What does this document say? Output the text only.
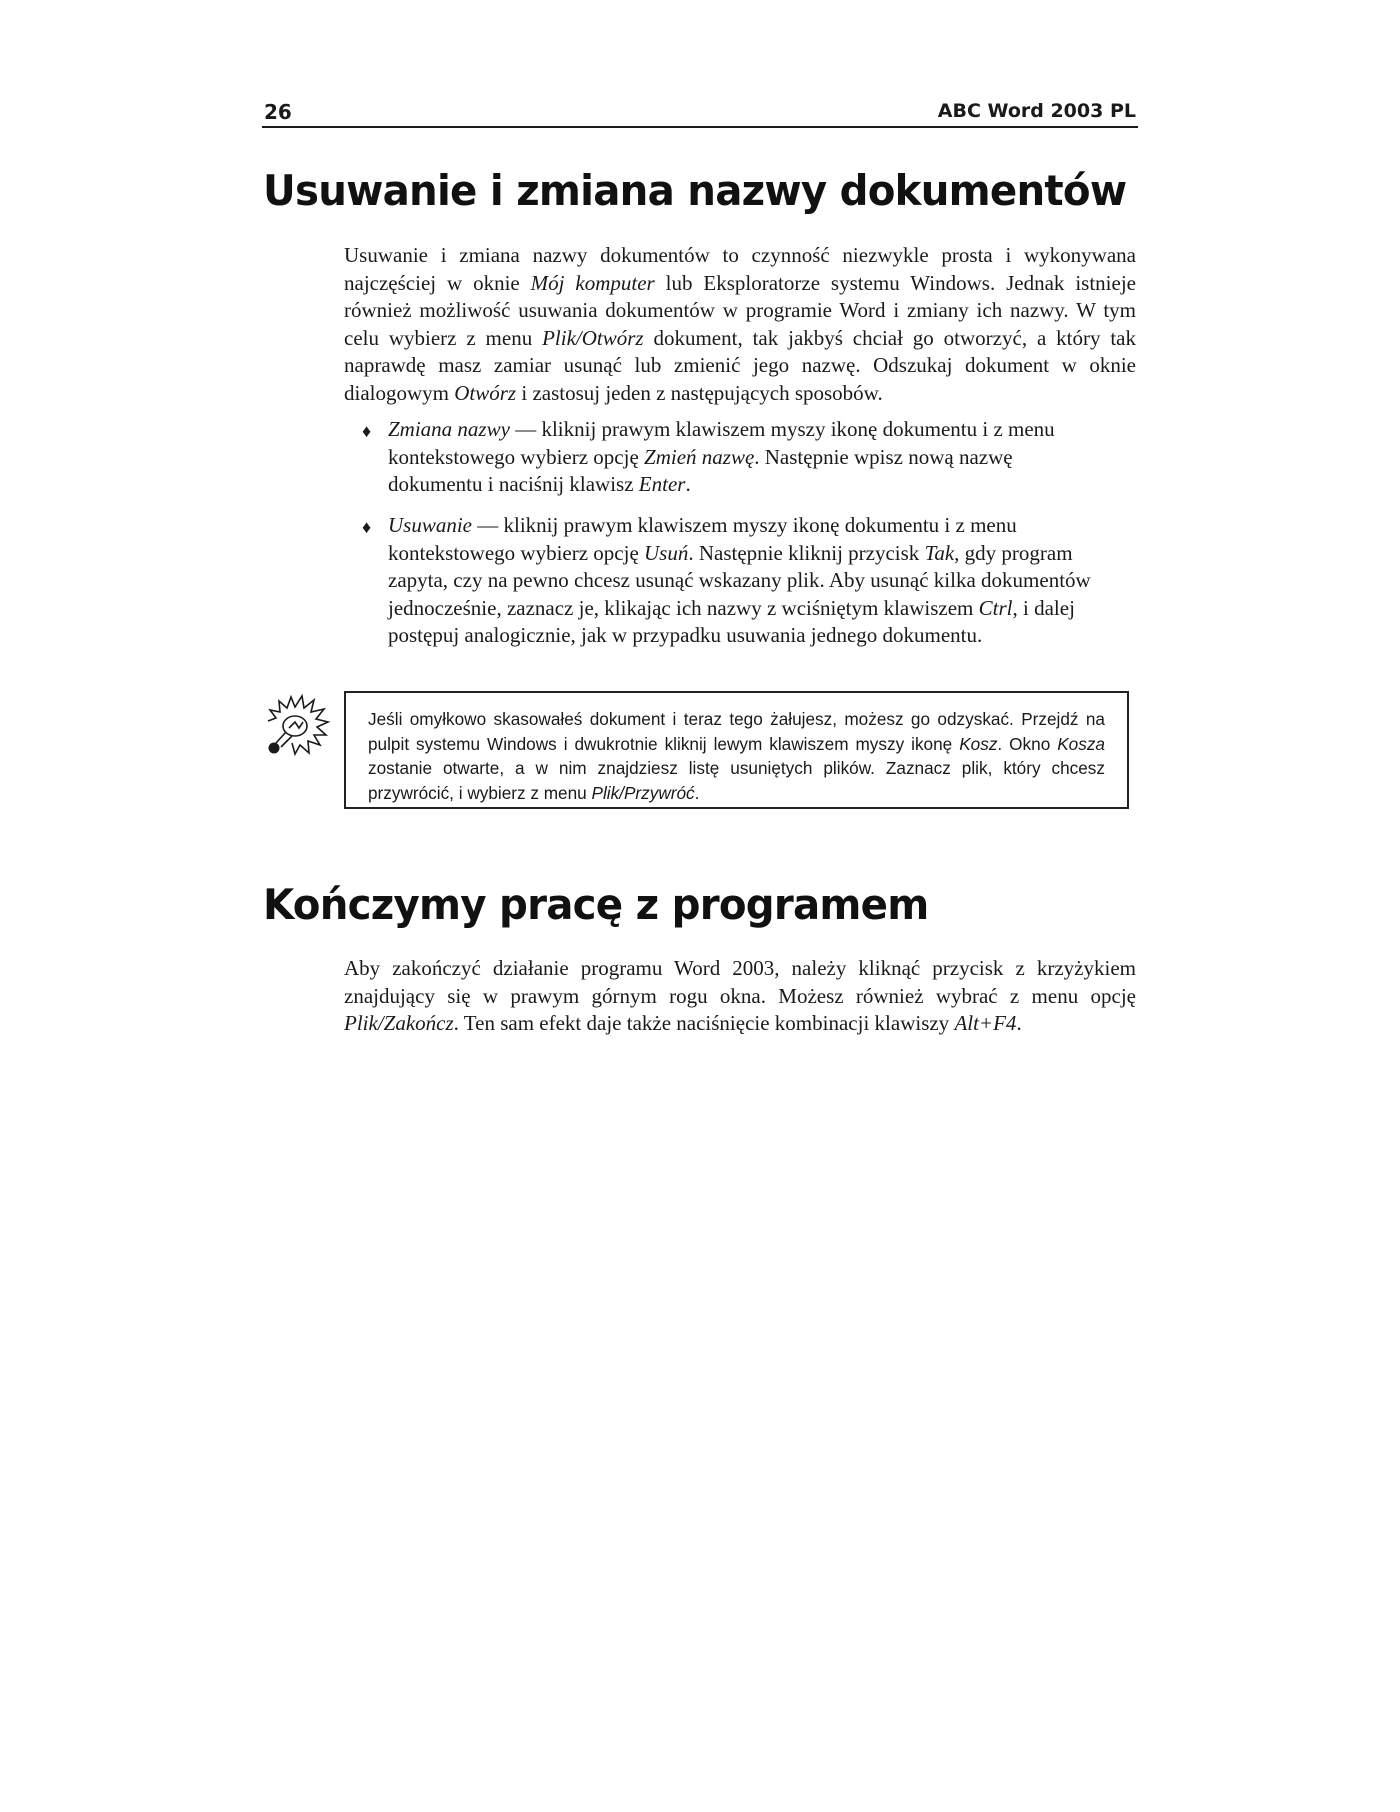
26	ABC Word 2003 PL
Usuwanie i zmiana nazwy dokumentów

Usuwanie i zmiana nazwy dokumentów to czynność niezwykle prosta i wykonywana najczęściej w oknie Mój komputer lub Eksploratorze systemu Windows. Jednak istnieje również możliwość usuwania dokumentów w programie Word i zmiany ich nazwy. W tym celu wybierz z menu Plik/Otwórz dokument, tak jakbyś chciał go otworzyć, a który tak naprawdę masz zamiar usunąć lub zmienić jego nazwę. Odszukaj dokument w oknie dialogowym Otwórz i zastosuj jeden z następujących sposobów.

♦ Zmiana nazwy — kliknij prawym klawiszem myszy ikonę dokumentu i z menu kontekstowego wybierz opcję Zmień nazwę. Następnie wpisz nową nazwę dokumentu i naciśnij klawisz Enter.
♦ Usuwanie — kliknij prawym klawiszem myszy ikonę dokumentu i z menu kontekstowego wybierz opcję Usuń. Następnie kliknij przycisk Tak, gdy program zapyta, czy na pewno chcesz usunąć wskazany plik. Aby usunąć kilka dokumentów jednocześnie, zaznacz je, klikając ich nazwy z wciśniętym klawiszem Ctrl, i dalej postępuj analogicznie, jak w przypadku usuwania jednego dokumentu.

Jeśli omyłkowo skasowałeś dokument i teraz tego żałujesz, możesz go odzyskać. Przejdź na pulpit systemu Windows i dwukrotnie kliknij lewym klawiszem myszy ikonę Kosz. Okno Kosza zostanie otwarte, a w nim znajdziesz listę usuniętych plików. Zaznacz plik, który chcesz przywrócić, i wybierz z menu Plik/Przywróć.

Kończymy pracę z programem

Aby zakończyć działanie programu Word 2003, należy kliknąć przycisk z krzyżykiem znajdujący się w prawym górnym rogu okna. Możesz również wybrać z menu opcję Plik/Zakończ. Ten sam efekt daje także naciśnięcie kombinacji klawiszy Alt+F4.
